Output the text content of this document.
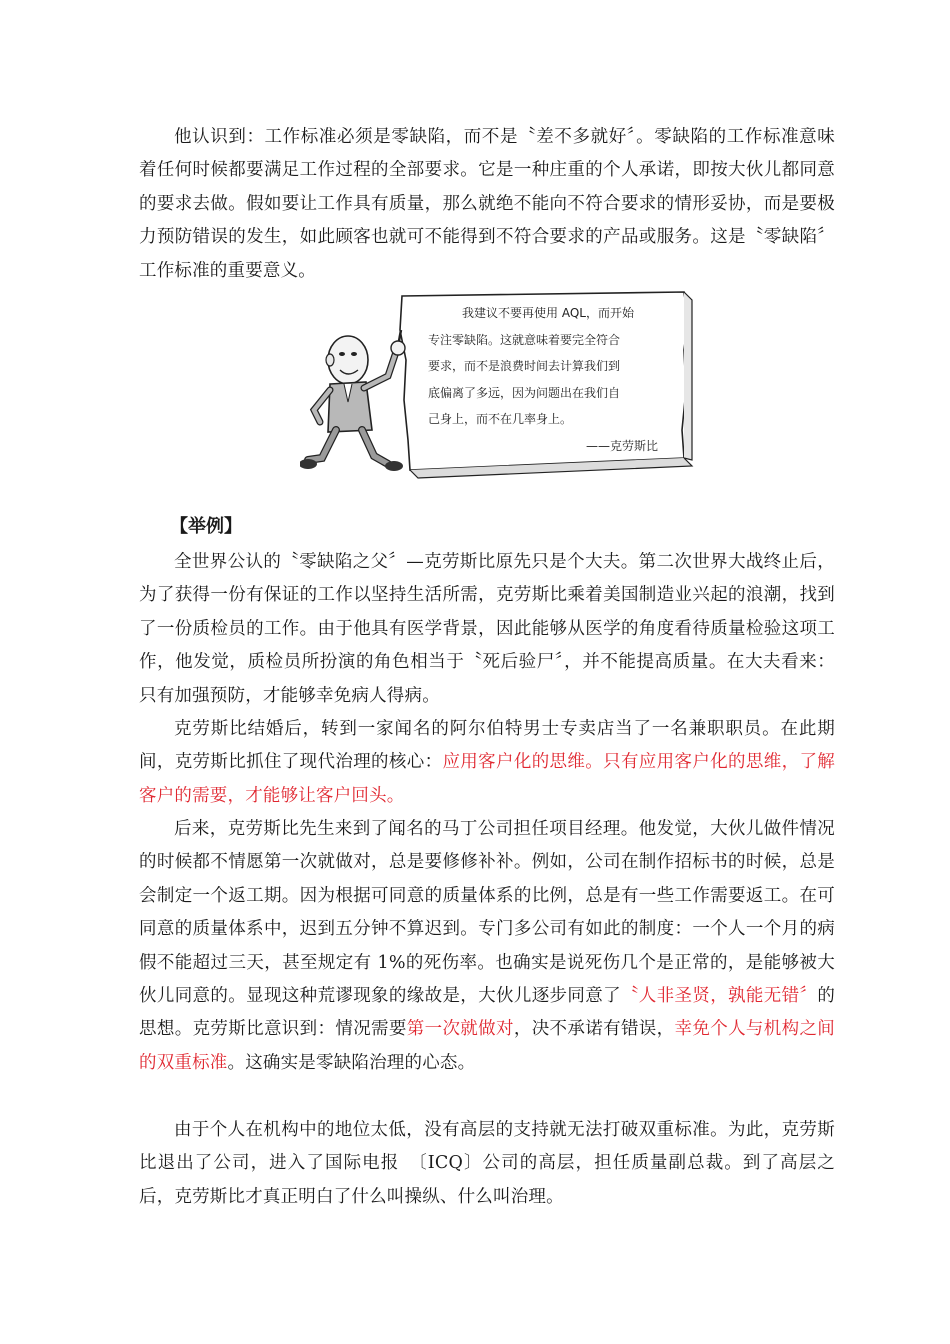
他认识到：工作标准必须是零缺陷，而不是〝差不多就好〞。零缺陷的工作标准意味着任何时候都要满足工作过程的全部要求。它是一种庄重的个人承诺，即按大伙儿都同意的要求去做。假如要让工作具有质量，那么就绝不能向不符合要求的情形妥协，而是要极力预防错误的发生，如此顾客也就可不能得到不符合要求的产品或服务。这是〝零缺陷〞工作标准的重要意义。

我建议不要再使用 AQL，而开始
专注零缺陷。这就意味着要完全符合
要求，而不是浪费时间去计算我们到
底偏离了多远，因为问题出在我们自
己身上，而不在几率身上。
——克劳斯比

【举例】

全世界公认的〝零缺陷之父〞—克劳斯比原先只是个大夫。第二次世界大战终止后，为了获得一份有保证的工作以坚持生活所需，克劳斯比乘着美国制造业兴起的浪潮，找到了一份质检员的工作。由于他具有医学背景，因此能够从医学的角度看待质量检验这项工作，他发觉，质检员所扮演的角色相当于〝死后验尸〞，并不能提高质量。在大夫看来：只有加强预防，才能够幸免病人得病。

克劳斯比结婚后，转到一家闻名的阿尔伯特男士专卖店当了一名兼职职员。在此期间，克劳斯比抓住了现代治理的核心：应用客户化的思维。只有应用客户化的思维，了解客户的需要，才能够让客户回头。

后来，克劳斯比先生来到了闻名的马丁公司担任项目经理。他发觉，大伙儿做件情况的时候都不情愿第一次就做对，总是要修修补补。例如，公司在制作招标书的时候，总是会制定一个返工期。因为根据可同意的质量体系的比例，总是有一些工作需要返工。在可同意的质量体系中，迟到五分钟不算迟到。专门多公司有如此的制度：一个人一个月的病假不能超过三天，甚至规定有 1%的死伤率。也确实是说死伤几个是正常的，是能够被大伙儿同意的。显现这种荒谬现象的缘故是，大伙儿逐步同意了〝人非圣贤，孰能无错〞的思想。克劳斯比意识到：情况需要第一次就做对，决不承诺有错误，幸免个人与机构之间的双重标准。这确实是零缺陷治理的心态。

由于个人在机构中的地位太低，没有高层的支持就无法打破双重标准。为此，克劳斯比退出了公司，进入了国际电报　〔ICQ〕公司的高层，担任质量副总裁。到了高层之后，克劳斯比才真正明白了什么叫操纵、什么叫治理。
